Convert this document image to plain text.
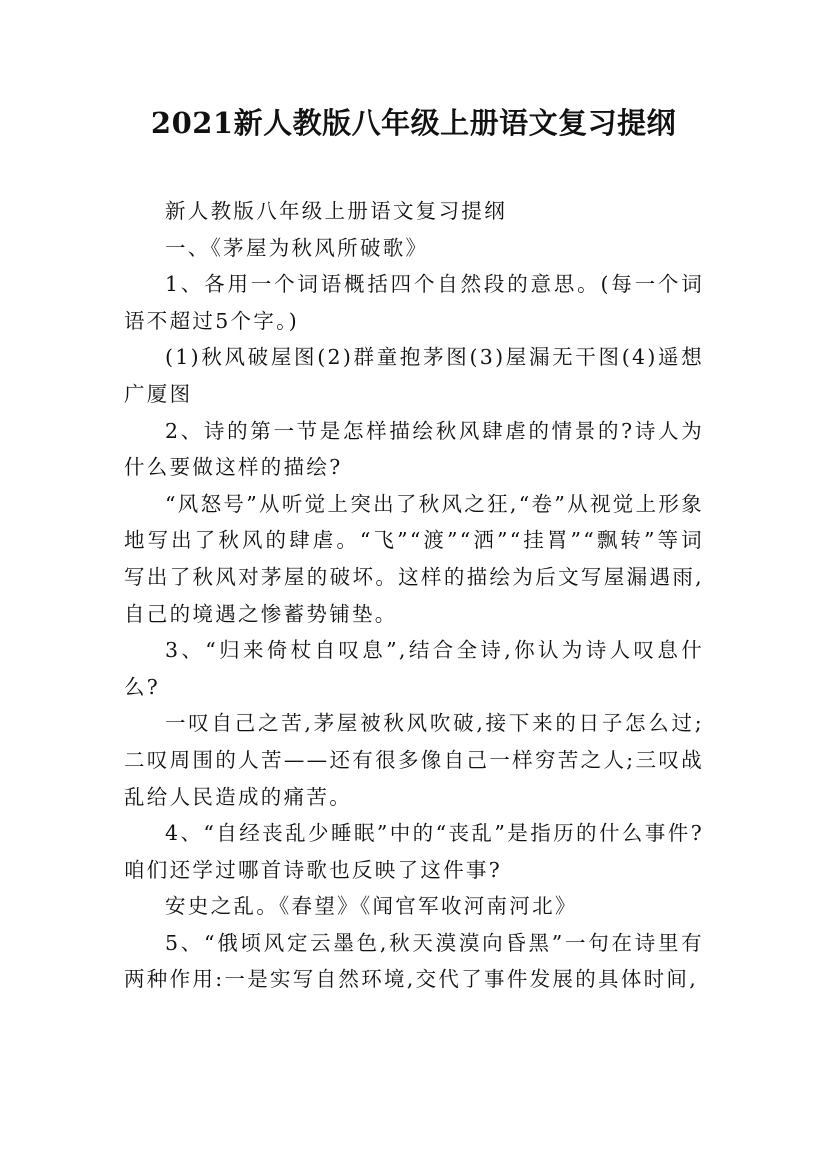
2021新人教版八年级上册语文复习提纲

新人教版八年级上册语文复习提纲

一、《茅屋为秋风所破歌》

1、各用一个词语概括四个自然段的意思。(每一个词语不超过5个字。)

(1)秋风破屋图(2)群童抱茅图(3)屋漏无干图(4)遥想广厦图

2、诗的第一节是怎样描绘秋风肆虐的情景的?诗人为什么要做这样的描绘?

“风怒号”从听觉上突出了秋风之狂,“卷”从视觉上形象地写出了秋风的肆虐。“飞”“渡”“洒”“挂罥”“飘转”等词写出了秋风对茅屋的破坏。这样的描绘为后文写屋漏遇雨,自己的境遇之惨蓄势铺垫。

3、“归来倚杖自叹息”,结合全诗,你认为诗人叹息什么?

一叹自己之苦,茅屋被秋风吹破,接下来的日子怎么过;二叹周围的人苦——还有很多像自己一样穷苦之人;三叹战乱给人民造成的痛苦。

4、“自经丧乱少睡眠”中的“丧乱”是指历的什么事件?咱们还学过哪首诗歌也反映了这件事?

安史之乱。《春望》《闻官军收河南河北》

5、“俄顷风定云墨色,秋天漠漠向昏黑”一句在诗里有两种作用:一是实写自然环境,交代了事件发展的具体时间,
